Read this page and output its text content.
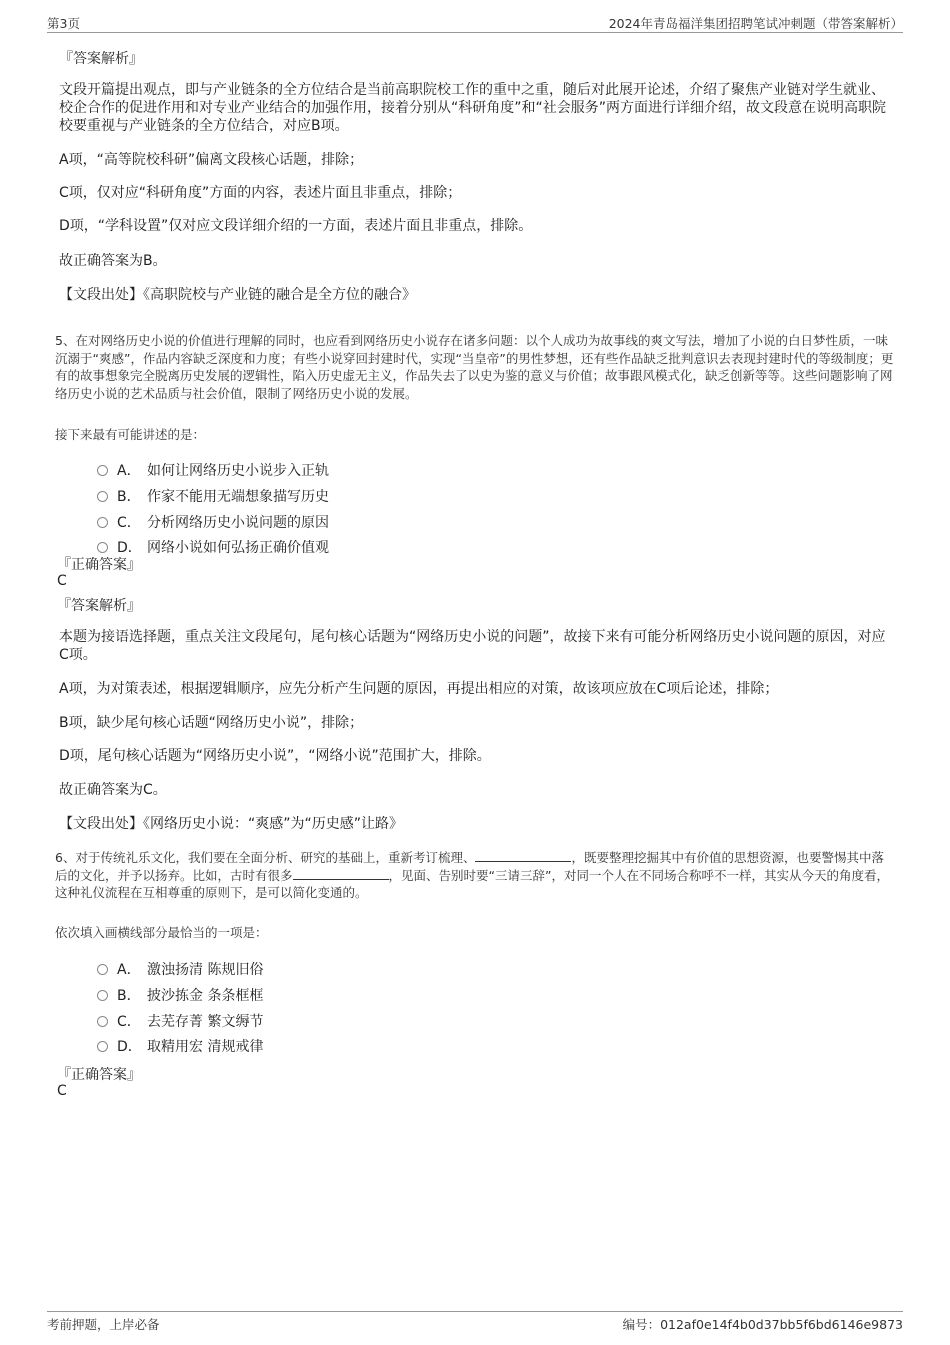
第3页	2024年青岛福洋集团招聘笔试冲刺题（带答案解析）
『答案解析』
文段开篇提出观点，即与产业链条的全方位结合是当前高职院校工作的重中之重，随后对此展开论述，介绍了聚焦产业链对学生就业、校企合作的促进作用和对专业产业结合的加强作用，接着分别从“科研角度”和“社会服务”两方面进行详细介绍，故文段意在说明高职院校要重视与产业链条的全方位结合，对应B项。
A项，“高等院校科研”偏离文段核心话题，排除；
C项，仅对应“科研角度”方面的内容，表述片面且非重点，排除；
D项，“学科设置”仅对应文段详细介绍的一方面，表述片面且非重点，排除。
故正确答案为B。
【文段出处】《高职院校与产业链的融合是全方位的融合》
5、在对网络历史小说的价值进行理解的同时，也应看到网络历史小说存在诸多问题：以个人成功为故事线的爽文写法，增加了小说的白日梦性质，一味沉溺于“爽感”，作品内容缺乏深度和力度；有些小说穿回封建时代，实现“当皇帝”的男性梦想，还有些作品缺乏批判意识去表现封建时代的等级制度；更有的故事想象完全脱离历史发展的逻辑性，陷入历史虚无主义，作品失去了以史为鉴的意义与价值；故事跟风模式化，缺乏创新等等。这些问题影响了网络历史小说的艺术品质与社会价值，限制了网络历史小说的发展。
接下来最有可能讲述的是：
A． 如何让网络历史小说步入正轨
B． 作家不能用无端想象描写历史
C． 分析网络历史小说问题的原因
D． 网络小说如何弘扬正确价值观
『正确答案』
C
『答案解析』
本题为接语选择题，重点关注文段尾句，尾句核心话题为“网络历史小说的问题”，故接下来有可能分析网络历史小说问题的原因，对应C项。
A项，为对策表述，根据逻辑顺序，应先分析产生问题的原因，再提出相应的对策，故该项应放在C项后论述，排除；
B项，缺少尾句核心话题“网络历史小说”，排除；
D项，尾句核心话题为“网络历史小说”，“网络小说”范围扩大，排除。
故正确答案为C。
【文段出处】《网络历史小说：“爽感”为“历史感”让路》
6、对于传统礼乐文化，我们要在全面分析、研究的基础上，重新考订梳理、	，既要整理挖掘其中有价值的思想资源，也要警惕其中落后的文化，并予以扬弃。比如，古时有很多	，见面、告别时要“三请三辞”，对同一个人在不同场合称呼不一样，其实从今天的角度看，这种礼仪流程在互相尊重的原则下，是可以简化变通的。
依次填入画横线部分最恰当的一项是：
A． 激浊扬清 陈规旧俗
B． 披沙拣金 条条框框
C． 去芜存菁 繁文缛节
D． 取精用宏 清规戒律
『正确答案』
C
考前押题，上岸必备	编号：012af0e14f4b0d37bb5f6bd6146e9873
